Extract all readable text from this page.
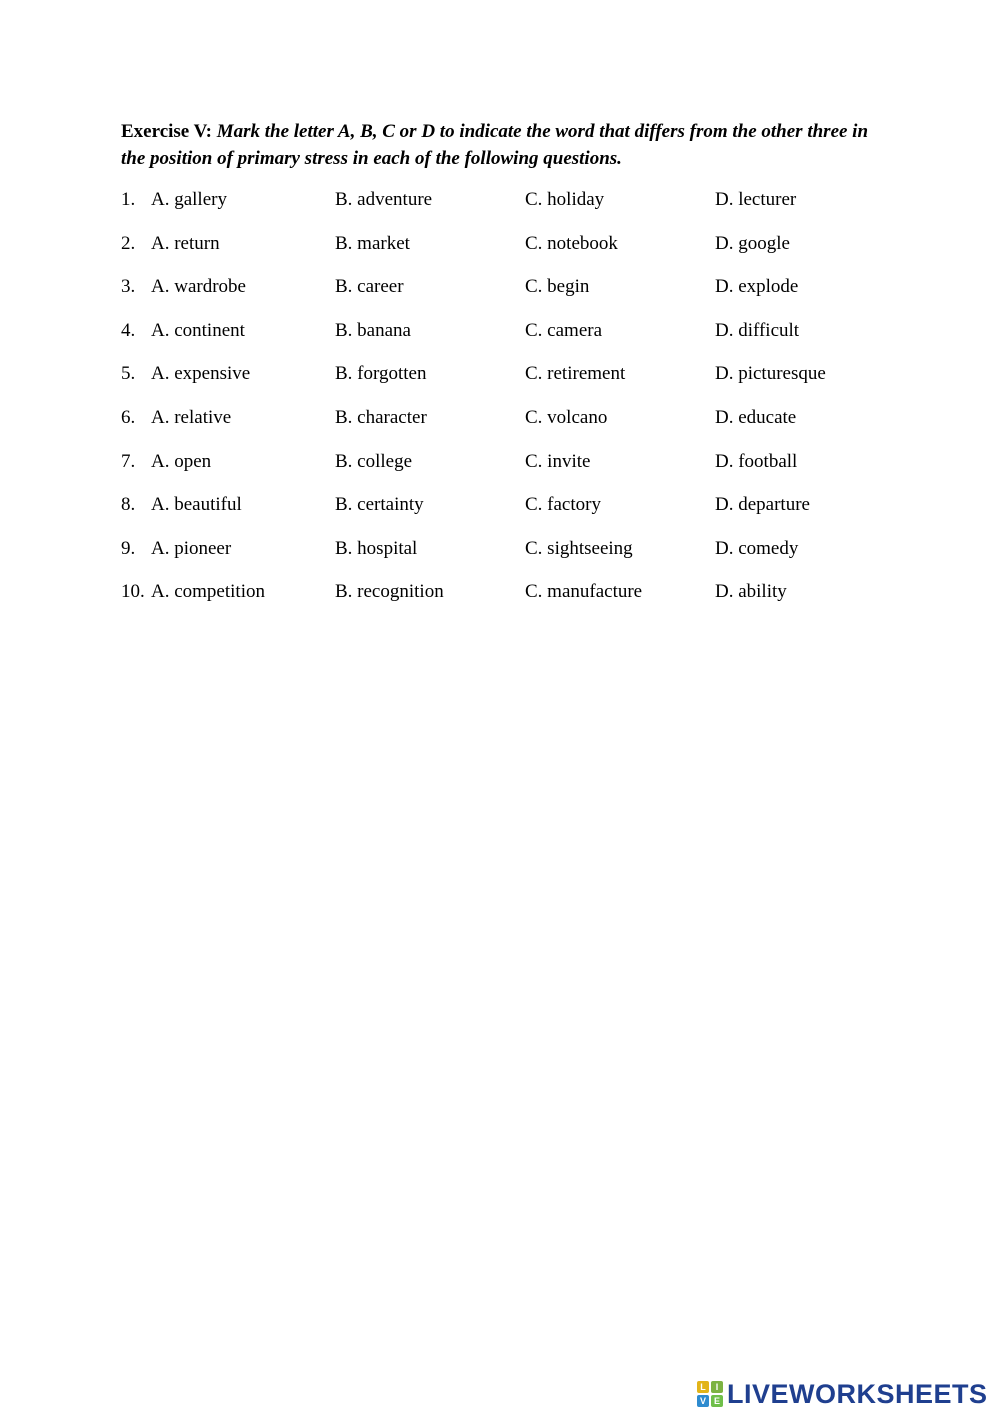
Exercise V: Mark the letter A, B, C or D to indicate the word that differs from the other three in the position of primary stress in each of the following questions.

1. A. gallery	B. adventure	C. holiday	D. lecturer
2. A. return	B. market	C. notebook	D. google
3. A. wardrobe	B. career	C. begin	D. explode
4. A. continent	B. banana	C. camera	D. difficult
5. A. expensive	B. forgotten	C. retirement	D. picturesque
6. A. relative	B. character	C. volcano	D. educate
7. A. open	B. college	C. invite	D. football
8. A. beautiful	B. certainty	C. factory	D. departure
9. A. pioneer	B. hospital	C. sightseeing	D. comedy
10. A. competition	B. recognition	C. manufacture	D. ability
L	I
V E LIVEWORKSHEETS
